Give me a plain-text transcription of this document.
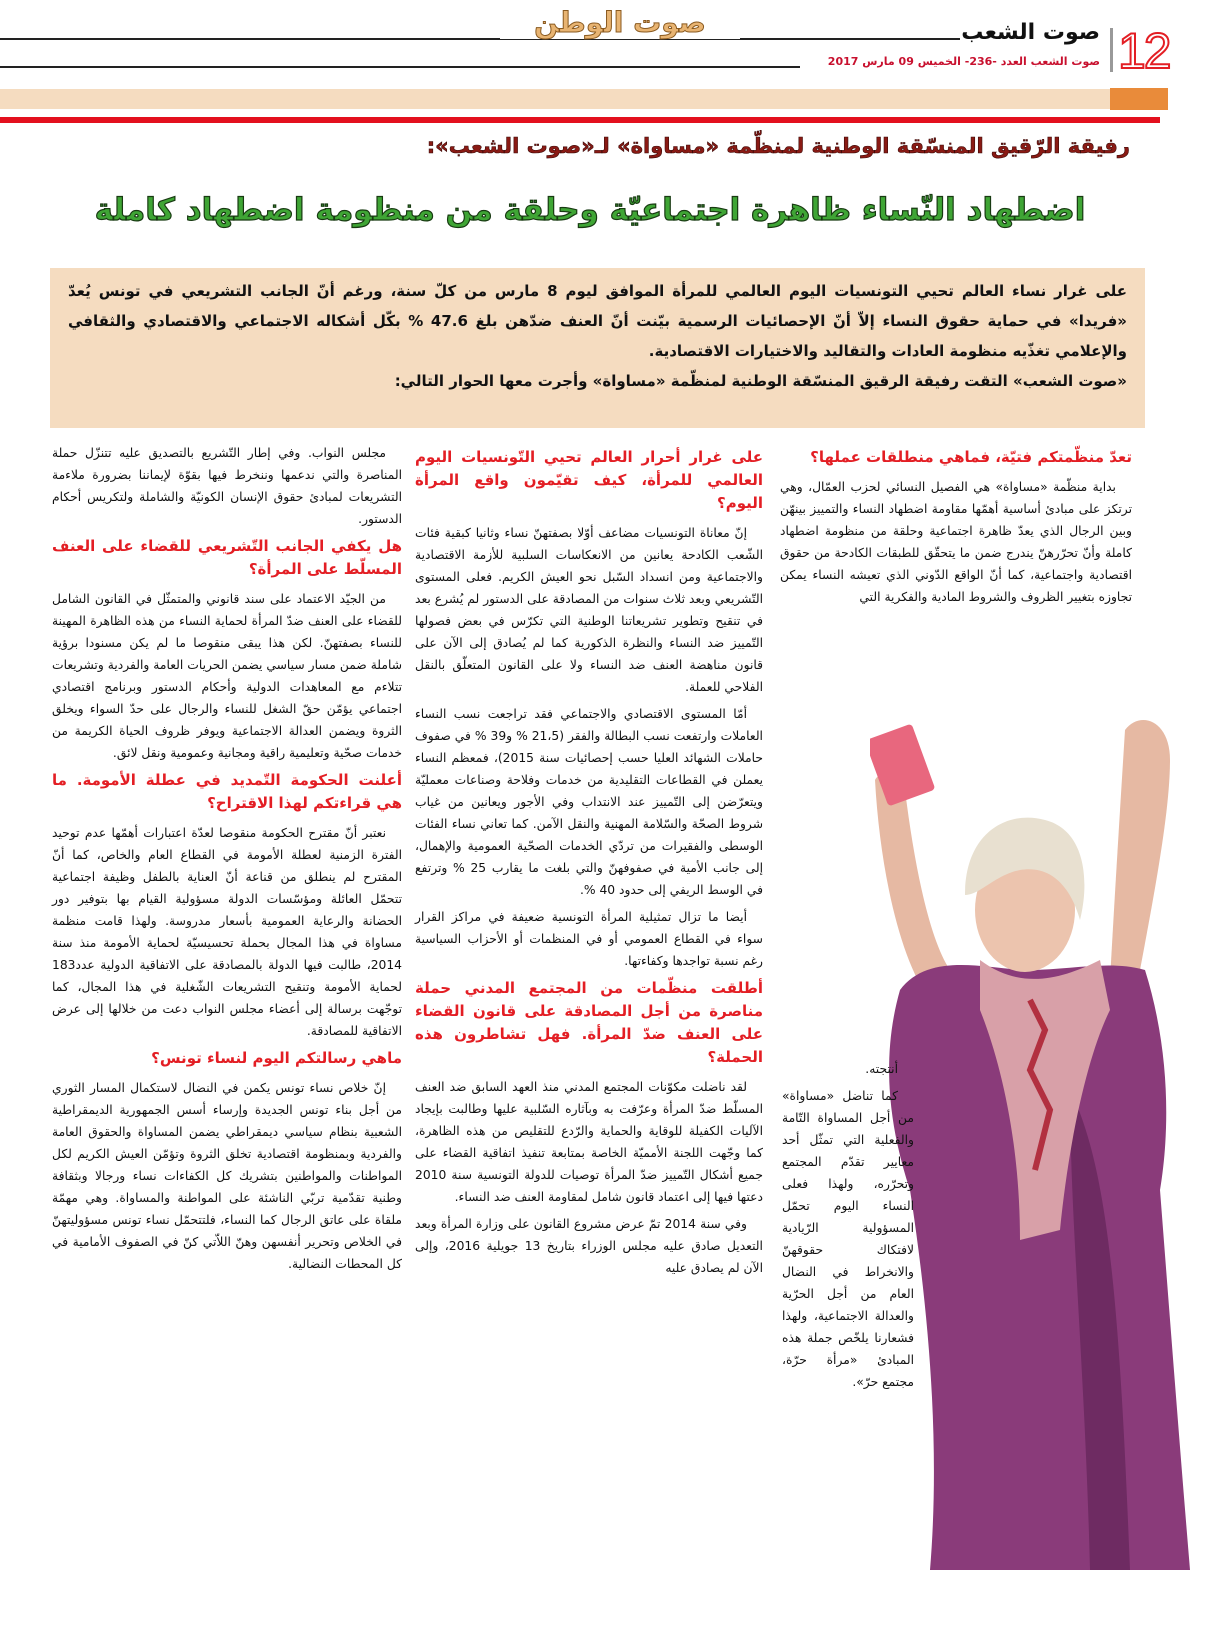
صوت الوطن
12
صوت الشعب
صوت الشعب العدد -236- الخميس 09 مارس 2017
رفيقة الرّقيق المنسّقة الوطنية لمنظّمة «مساواة» لـ«صوت الشعب»:
اضطهاد النّساء ظاهرة اجتماعيّة وحلقة من منظومة اضطهاد كاملة

على غرار نساء العالم تحيي التونسيات اليوم العالمي للمرأة الموافق ليوم 8 مارس من كلّ سنة، ورغم أنّ الجانب التشريعي في تونس يُعدّ «فريدا» في حماية حقوق النساء إلاّ أنّ الإحصائيات الرسمية بيّنت أنّ العنف ضدّهن بلغ 47.6 % بكّل أشكاله الاجتماعي والاقتصادي والثقافي والإعلامي تغذّيه منظومة العادات والتقاليد والاختيارات الاقتصادية.

«صوت الشعب» التقت رفيقة الرقيق المنسّقة الوطنية لمنظّمة «مساواة» وأجرت معها الحوار التالي:

تعدّ منظّمتكم فتيّة، فماهي منطلقات عملها؟

بداية منظّمة «مساواة» هي الفصيل النسائي لحزب العمّال، وهي ترتكز على مبادئ أساسية أهمّها مقاومة اضطهاد النساء والتمييز بينهّن وبين الرجال الذي يعدّ ظاهرة اجتماعية وحلقة من منظومة اضطهاد كاملة وأنّ تحرّرهنّ يندرج ضمن ما يتحقّق للطبقات الكادحة من حقوق اقتصادية واجتماعية، كما أنّ الواقع الدّوني الذي تعيشه النساء يمكن تجاوزه بتغيير الظروف والشروط المادية والفكرية التي

أنتجته.

كما تناضل «مساواة» من أجل المساواة التّامة والفعلية التي تمثّل أحد معايير تقدّم المجتمع وتحرّره، ولهذا فعلى النساء اليوم تحمّل المسؤولية الرّيادية لافتكاك حقوقهنّ والانخراط في النضال العام من أجل الحرّية والعدالة الاجتماعية، ولهذا فشعارنا يلخّص جملة هذه المبادئ «مرأة حرّة، مجتمع حرّ».

على غرار أحرار العالم تحيي التّونسيات اليوم العالمي للمرأة، كيف تقيّمون واقع المرأة اليوم؟

إنّ معاناة التونسيات مضاعف أوّلا بصفتهنّ نساء وثانيا كبقية فئات الشّعب الكادحة يعانين من الانعكاسات السلبية للأزمة الاقتصادية والاجتماعية ومن انسداد السّبل نحو العيش الكريم. فعلى المستوى التّشريعي وبعد ثلاث سنوات من المصادقة على الدستور لم يُشرع بعد في تنقيح وتطوير تشريعاتنا الوطنية التي تكرّس في بعض فصولها التّمييز ضد النساء والنظرة الذكورية كما لم يُصادق إلى الآن على قانون مناهضة العنف ضد النساء ولا على القانون المتعلّق بالنقل الفلاحي للعملة.

أمّا المستوى الاقتصادي والاجتماعي فقد تراجعت نسب النساء العاملات وارتفعت نسب البطالة والفقر (21،5 % و39 % في صفوف حاملات الشهائد العليا حسب إحصائيات سنة 2015)، فمعظم النساء يعملن في القطاعات التقليدية من خدمات وفلاحة وصناعات معمليّة ويتعرّضن إلى التّمييز عند الانتداب وفي الأجور ويعانين من غياب شروط الصحّة والسّلامة المهنية والنقل الآمن. كما تعاني نساء الفئات الوسطى والفقيرات من تردّي الخدمات الصحّية العمومية والإهمال، إلى جانب الأمية في صفوفهنّ والتي بلغت ما يقارب 25 % وترتفع في الوسط الريفي إلى حدود 40 %.

أيضا ما تزال تمثيلية المرأة التونسية ضعيفة في مراكز القرار سواء في القطاع العمومي أو في المنظمات أو الأحزاب السياسية رغم نسبة تواجدها وكفاءتها.

أطلقت منظّمات من المجتمع المدني حملة مناصرة من أجل المصادقة على قانون القضاء على العنف ضدّ المرأة. فهل تشاطرون هذه الحملة؟

لقد ناضلت مكوّنات المجتمع المدني منذ العهد السابق ضد العنف المسلّط ضدّ المرأة وعرّفت به وبآثاره السّلبية عليها وطالبت بإيجاد الآليات الكفيلة للوقاية والحماية والرّدع للتقليص من هذه الظاهرة، كما وجّهت اللجنة الأمميّة الخاصة بمتابعة تنفيذ اتفاقية القضاء على جميع أشكال التّمييز ضدّ المرأة توصيات للدولة التونسية سنة 2010 دعتها فيها إلى اعتماد قانون شامل لمقاومة العنف ضد النساء.

وفي سنة 2014 تمّ عرض مشروع القانون على وزارة المرأة وبعد التعديل صادق عليه مجلس الوزراء بتاريخ 13 جويلية 2016، وإلى الآن لم يصادق عليه

مجلس النواب. وفي إطار التّشريع بالتصديق عليه تتنزّل حملة المناصرة والتي ندعمها وننخرط فيها بقوّة لإيماننا بضرورة ملاءمة التشريعات لمبادئ حقوق الإنسان الكونيّة والشاملة ولتكريس أحكام الدستور.

هل يكفي الجانب التّشريعي للقضاء على العنف المسلّط على المرأة؟

من الجيّد الاعتماد على سند قانوني والمتمثّل في القانون الشامل للقضاء على العنف ضدّ المرأة لحماية النساء من هذه الظاهرة المهينة للنساء بصفتهنّ. لكن هذا يبقى منقوصا ما لم يكن مسنودا برؤية شاملة ضمن مسار سياسي يضمن الحريات العامة والفردية وتشريعات تتلاءم مع المعاهدات الدولية وأحكام الدستور وبرنامج اقتصادي اجتماعي يؤمّن حقّ الشغل للنساء والرجال على حدّ السواء ويخلق الثروة ويضمن العدالة الاجتماعية ويوفر ظروف الحياة الكريمة من خدمات صحّية وتعليمية راقية ومجانية وعمومية ونقل لائق.

أعلنت الحكومة التّمديد في عطلة الأمومة. ما هي قراءتكم لهذا الاقتراح؟

نعتبر أنّ مقترح الحكومة منقوصا لعدّة اعتبارات أهمّها عدم توحيد الفترة الزمنية لعطلة الأمومة في القطاع العام والخاص، كما أنّ المقترح لم ينطلق من قناعة أنّ العناية بالطفل وظيفة اجتماعية تتحمّل العائلة ومؤسّسات الدولة مسؤولية القيام بها بتوفير دور الحضانة والرعاية العمومية بأسعار مدروسة. ولهذا قامت منظمة مساواة في هذا المجال بحملة تحسيسيّة لحماية الأمومة منذ سنة 2014، طالبت فيها الدولة بالمصادقة على الاتفاقية الدولية عدد183 لحماية الأمومة وتنقيح التشريعات الشّغلية في هذا المجال، كما توجّهت برسالة إلى أعضاء مجلس النواب دعت من خلالها إلى عرض الاتفاقية للمصادقة.

ماهي رسالتكم اليوم لنساء تونس؟

إنّ خلاص نساء تونس يكمن في النضال لاستكمال المسار الثوري من أجل بناء تونس الجديدة وإرساء أسس الجمهورية الديمقراطية الشعبية بنظام سياسي ديمقراطي يضمن المساواة والحقوق العامة والفردية وبمنظومة اقتصادية تخلق الثروة وتؤمّن العيش الكريم لكل المواطنات والمواطنين بتشريك كل الكفاءات نساء ورجالا وبثقافة وطنية تقدّمية تربّي الناشئة على المواطنة والمساواة. وهي مهمّة ملقاة على عاتق الرجال كما النساء، فلتتحمّل نساء تونس مسؤوليتهنّ في الخلاص وتحرير أنفسهن وهنّ اللاّتي كنّ في الصفوف الأمامية في كل المحطات النضالية.
